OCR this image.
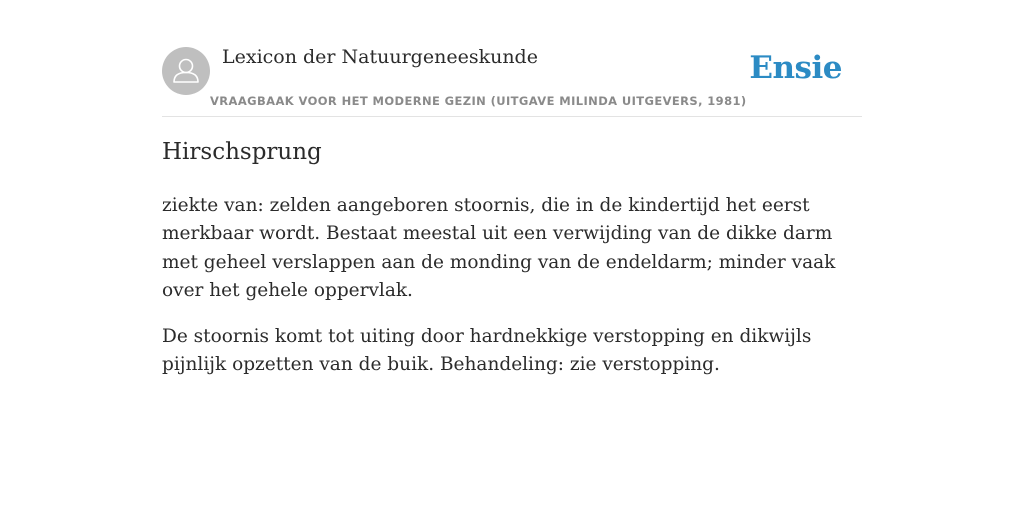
Lexicon der Natuurgeneeskunde
VRAAGBAAK VOOR HET MODERNE GEZIN (UITGAVE MILINDA UITGEVERS, 1981)
Ensie
Hirschsprung

ziekte van: zelden aangeboren stoornis, die in de kindertijd het eerst merkbaar wordt. Bestaat meestal uit een verwijding van de dikke darm met geheel verslappen aan de monding van de endeldarm; minder vaak over het gehele oppervlak.

De stoornis komt tot uiting door hardnekkige verstopping en dikwijls pijnlijk opzetten van de buik. Behandeling: zie verstopping.
